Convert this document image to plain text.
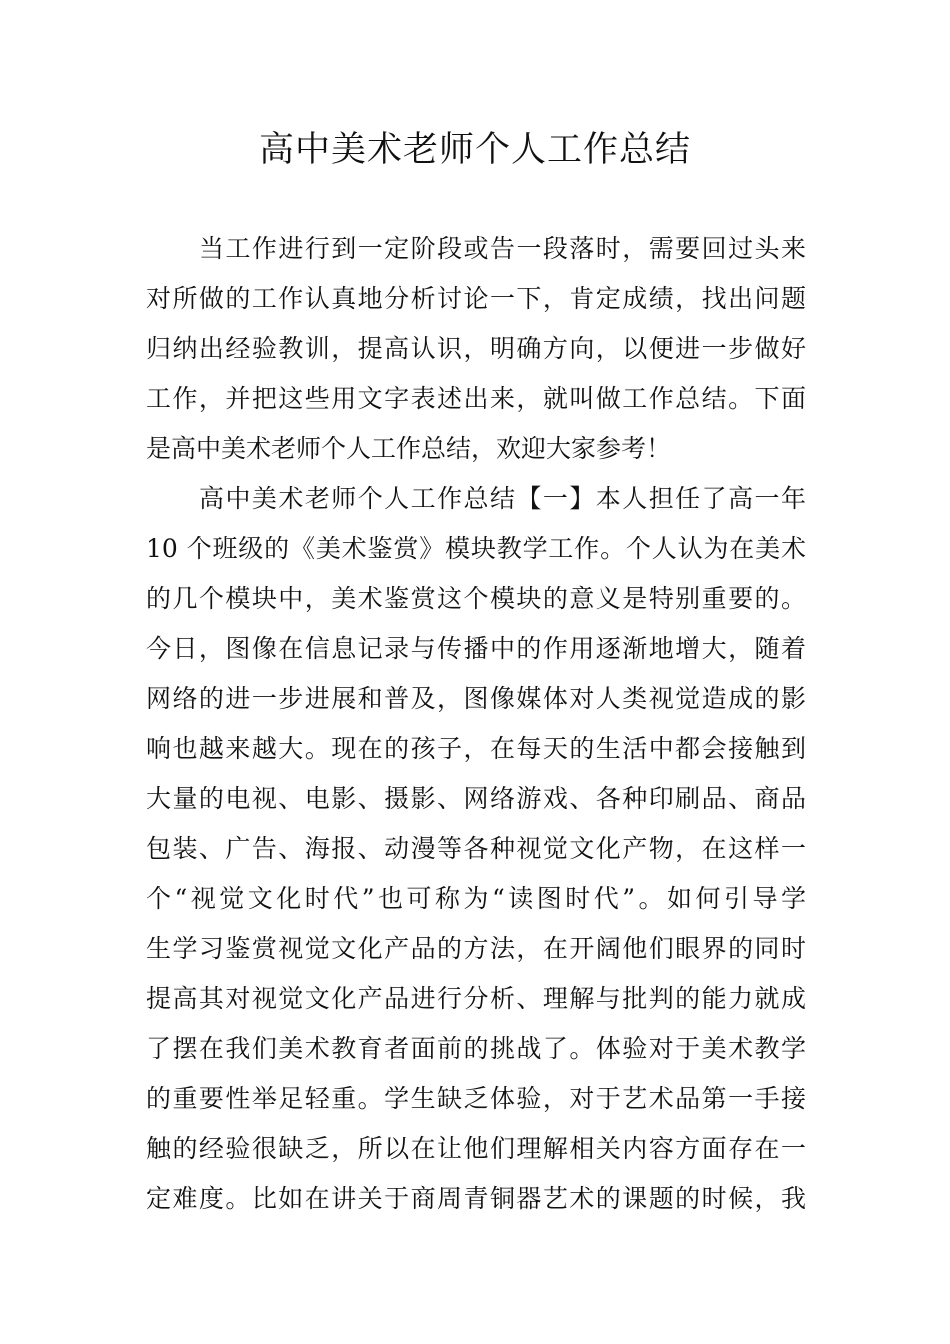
高中美术老师个人工作总结
当工作进行到一定阶段或告一段落时，需要回过头来
对所做的工作认真地分析讨论一下，肯定成绩，找出问题
归纳出经验教训，提高认识，明确方向，以便进一步做好
工作，并把这些用文字表述出来，就叫做工作总结。下面
是高中美术老师个人工作总结，欢迎大家参考！
高中美术老师个人工作总结【一】本人担任了高一年
10 个班级的《美术鉴赏》模块教学工作。个人认为在美术
的几个模块中，美术鉴赏这个模块的意义是特别重要的。
今日，图像在信息记录与传播中的作用逐渐地增大，随着
网络的进一步进展和普及，图像媒体对人类视觉造成的影
响也越来越大。现在的孩子，在每天的生活中都会接触到
大量的电视、电影、摄影、网络游戏、各种印刷品、商品
包装、广告、海报、动漫等各种视觉文化产物，在这样一
个“视觉文化时代”也可称为“读图时代”。如何引导学
生学习鉴赏视觉文化产品的方法，在开阔他们眼界的同时
提高其对视觉文化产品进行分析、理解与批判的能力就成
了摆在我们美术教育者面前的挑战了。体验对于美术教学
的重要性举足轻重。学生缺乏体验，对于艺术品第一手接
触的经验很缺乏，所以在让他们理解相关内容方面存在一
定难度。比如在讲关于商周青铜器艺术的课题的时候，我
